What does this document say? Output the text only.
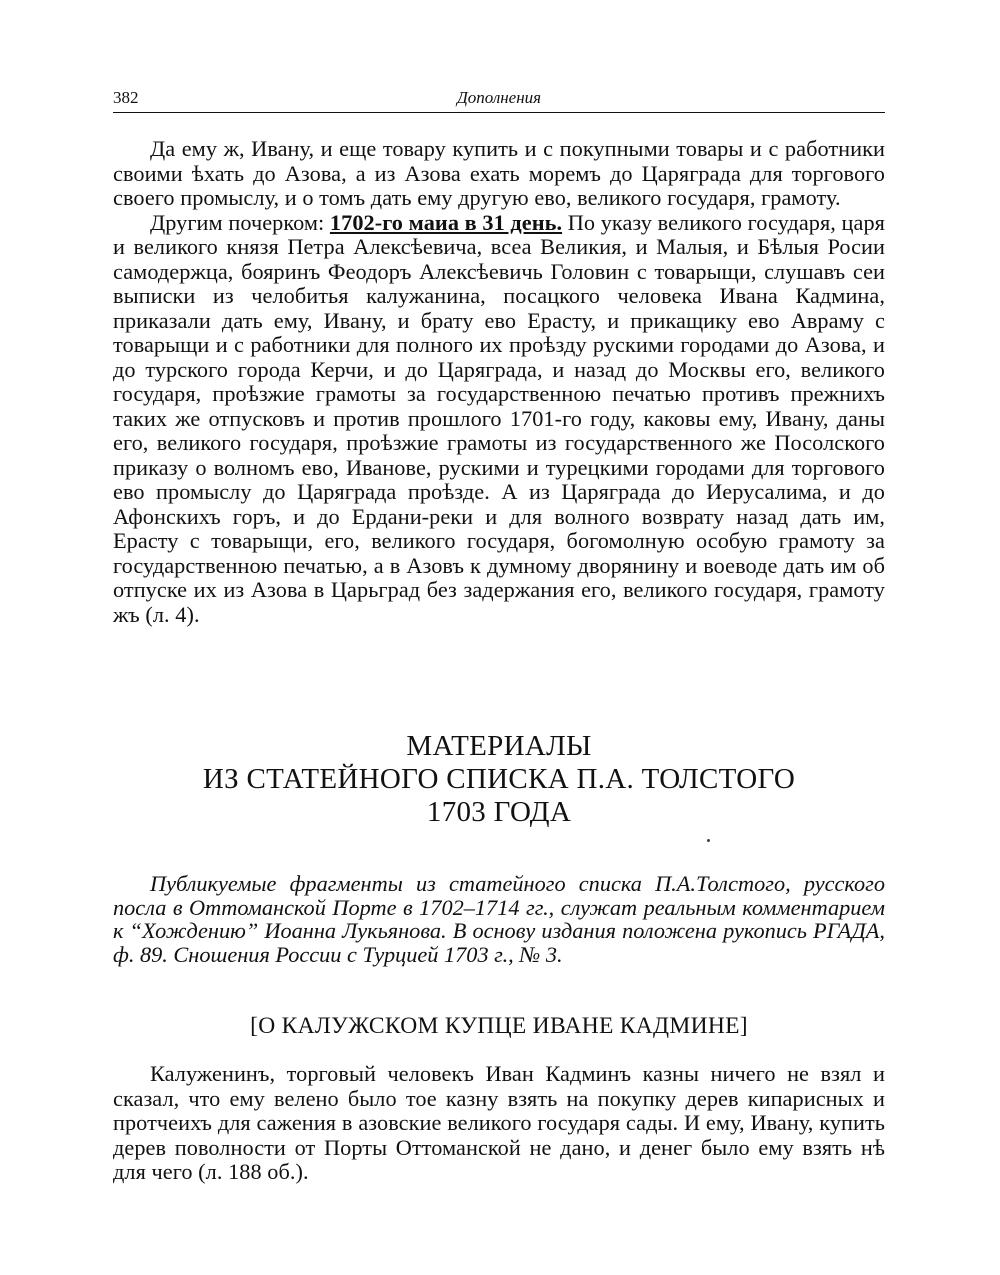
382	Дополнения

Да ему ж, Ивану, и еще товару купить и с покупными товары и с работники своими ѣхать до Азова, а из Азова ехать моремъ до Царяграда для торгового своего промыслу, и о томъ дать ему другую ево, великого государя, грамоту.

Другим почерком: 1702-го маиа в 31 день. По указу великого государя, царя и великого князя Петра Алексѣевича, всеа Великия, и Малыя, и Бѣлыя Росии самодержца, бояринъ Феодоръ Алексѣевичь Головин с товарыщи, слушавъ сеи выписки из челобитья калужанина, посацкого человека Ивана Кадмина, приказали дать ему, Ивану, и брату ево Ерасту, и прикащику ево Авраму с товарыщи и с работники для полного их проѣзду рускими городами до Азова, и до турского города Керчи, и до Царяграда, и назад до Москвы его, великого государя, проѣзжие грамоты за государственною печатью противъ прежнихъ таких же отпусковъ и против прошлого 1701-го году, каковы ему, Ивану, даны его, великого государя, проѣзжие грамоты из государственного же Посолского приказу о волномъ ево, Иванове, рускими и турецкими городами для торгового ево промыслу до Царяграда проѣзде. А из Царяграда до Иерусалима, и до Афонскихъ горъ, и до Ердани-реки и для волного возврату назад дать им, Ерасту с товарыщи, его, великого государя, богомолную особую грамоту за государственною печатью, а в Азовъ к думному дворянину и воеводе дать им об отпуске их из Азова в Царьград без задержания его, великого государя, грамоту жъ (л. 4).

МАТЕРИАЛЫ
ИЗ СТАТЕЙНОГО СПИСКА П.А. ТОЛСТОГО
1703 ГОДА

Публикуемые фрагменты из статейного списка П.А.Толстого, русского посла в Оттоманской Порте в 1702–1714 гг., служат реальным комментарием к “Хождению” Иоанна Лукьянова. В основу издания положена рукопись РГАДА, ф. 89. Сношения России с Турцией 1703 г., № 3.

[О КАЛУЖСКОМ КУПЦЕ ИВАНЕ КАДМИНЕ]

Калуженинъ, торговый человекъ Иван Кадминъ казны ничего не взял и сказал, что ему велено было тое казну взять на покупку дерев кипарисных и протчеихъ для сажения в азовские великого государя сады. И ему, Ивану, купить дерев поволности от Порты Оттоманской не дано, и денег было ему взять нѣ для чего (л. 188 об.).
